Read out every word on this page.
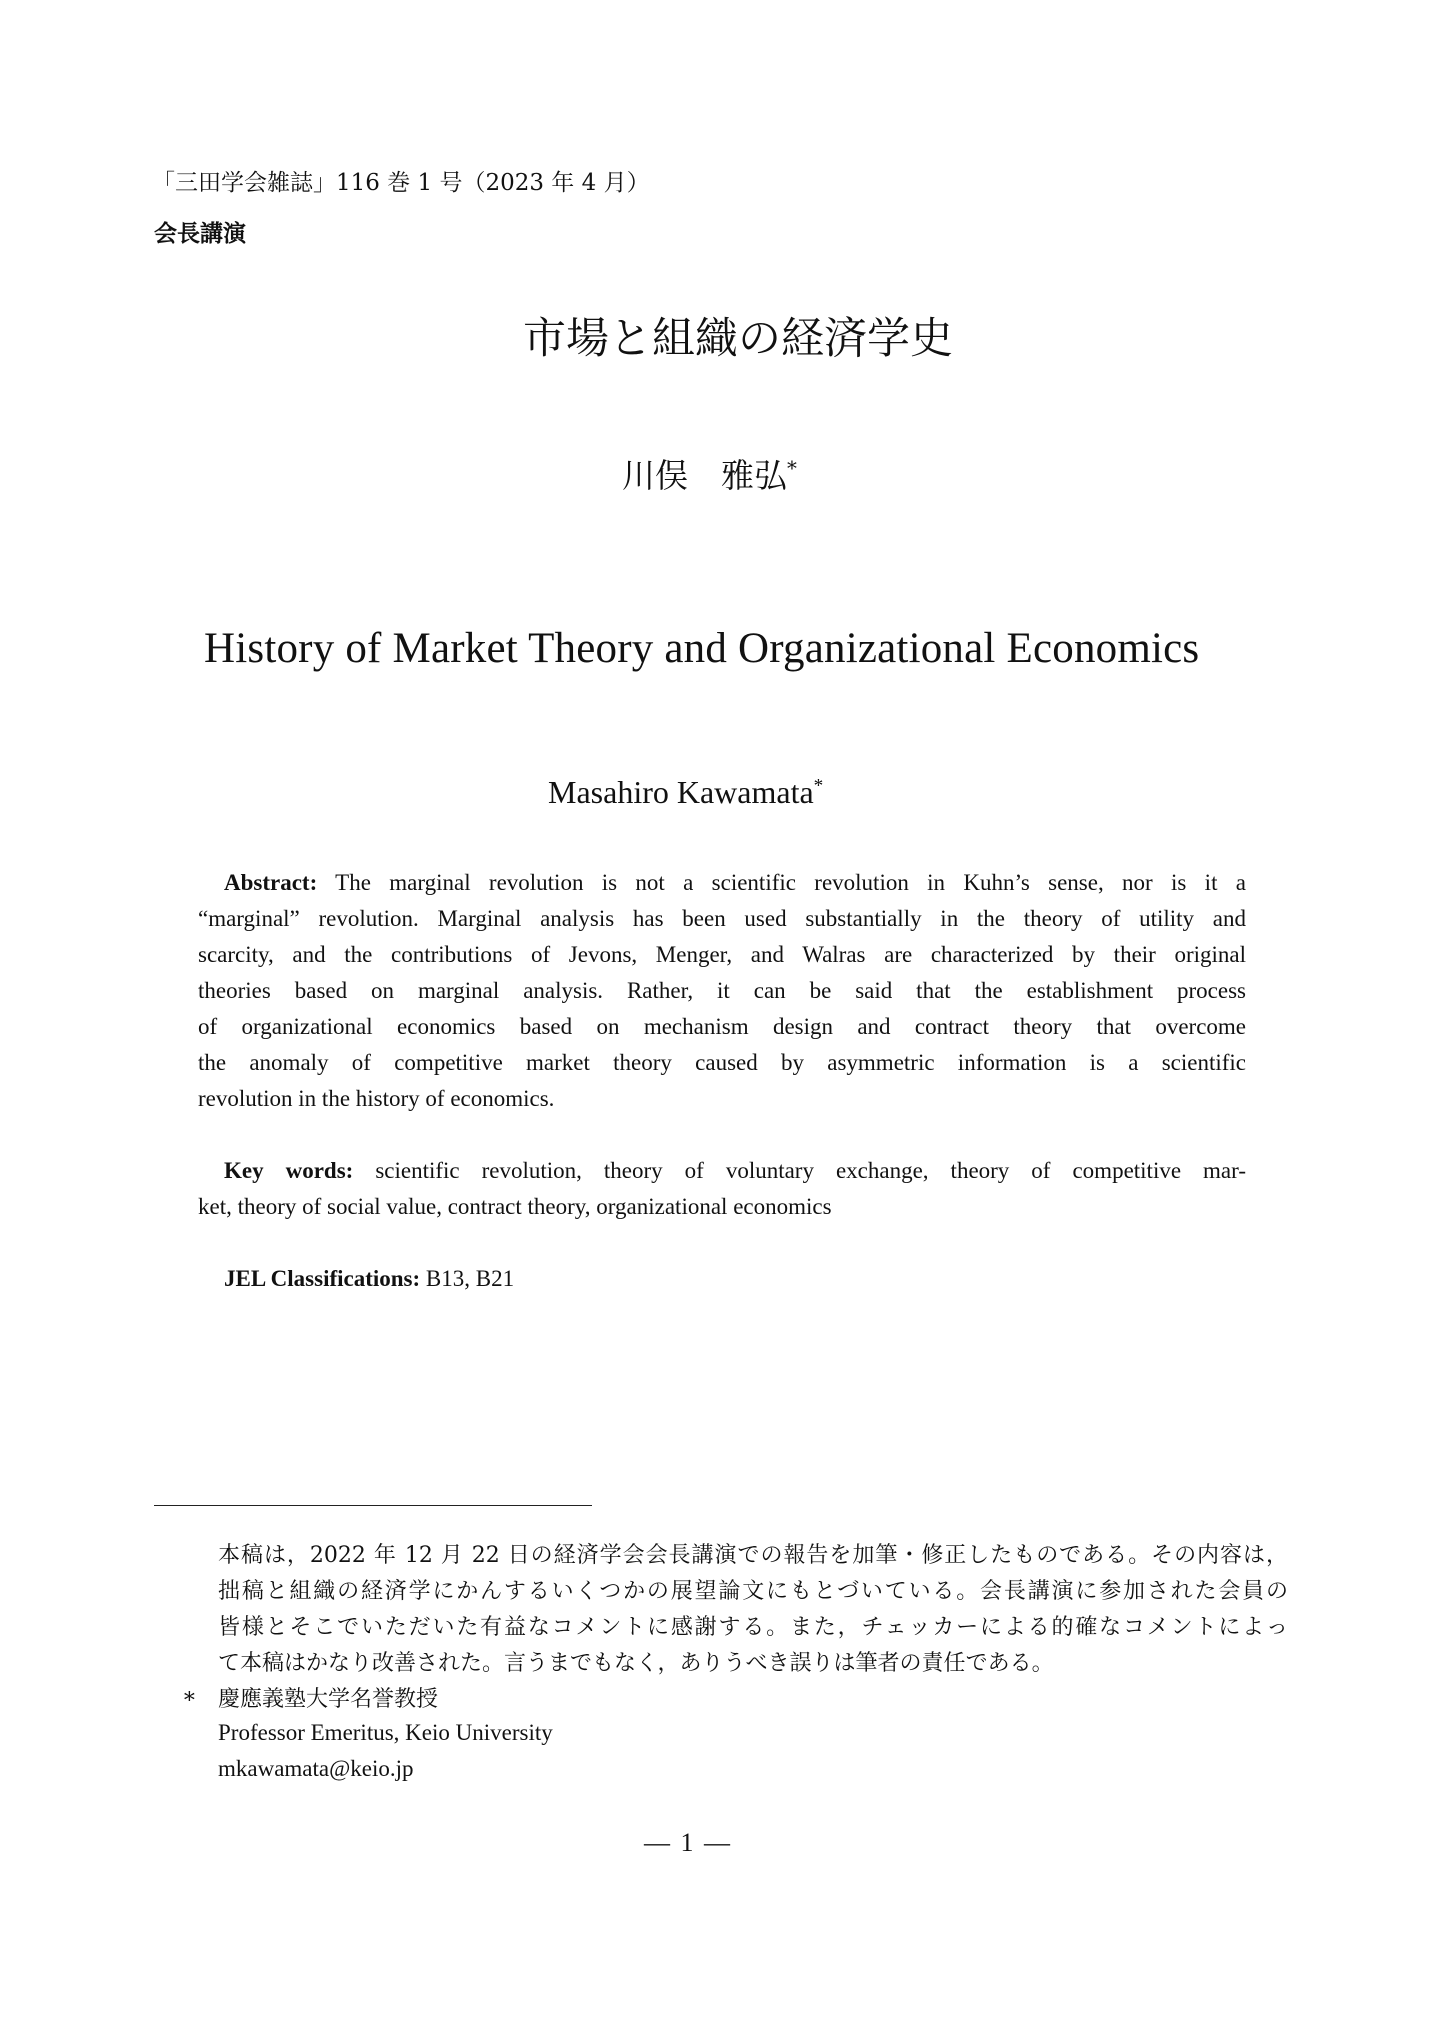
「三田学会雑誌」116 巻 1 号（2023 年 4 月）
会長講演
市場と組織の経済学史
川俣　雅弘*
History of Market Theory and Organizational Economics
Masahiro Kawamata*
Abstract: The marginal revolution is not a scientific revolution in Kuhn’s sense, nor is it a
“marginal” revolution. Marginal analysis has been used substantially in the theory of utility and
scarcity, and the contributions of Jevons, Menger, and Walras are characterized by their original
theories based on marginal analysis. Rather, it can be said that the establishment process
of organizational economics based on mechanism design and contract theory that overcome
the anomaly of competitive market theory caused by asymmetric information is a scientific
revolution in the history of economics.
Key words: scientific revolution, theory of voluntary exchange, theory of competitive mar-
ket, theory of social value, contract theory, organizational economics
JEL Classifications: B13, B21
本稿は，2022 年 12 月 22 日の経済学会会長講演での報告を加筆・修正したものである。その内容は，
拙稿と組織の経済学にかんするいくつかの展望論文にもとづいている。会長講演に参加された会員の
皆様とそこでいただいた有益なコメントに感謝する。また，チェッカーによる的確なコメントによっ
て本稿はかなり改善された。言うまでもなく，ありうべき誤りは筆者の責任である。
∗ 慶應義塾大学名誉教授
Professor Emeritus, Keio University
mkawamata@keio.jp
— 1 —
